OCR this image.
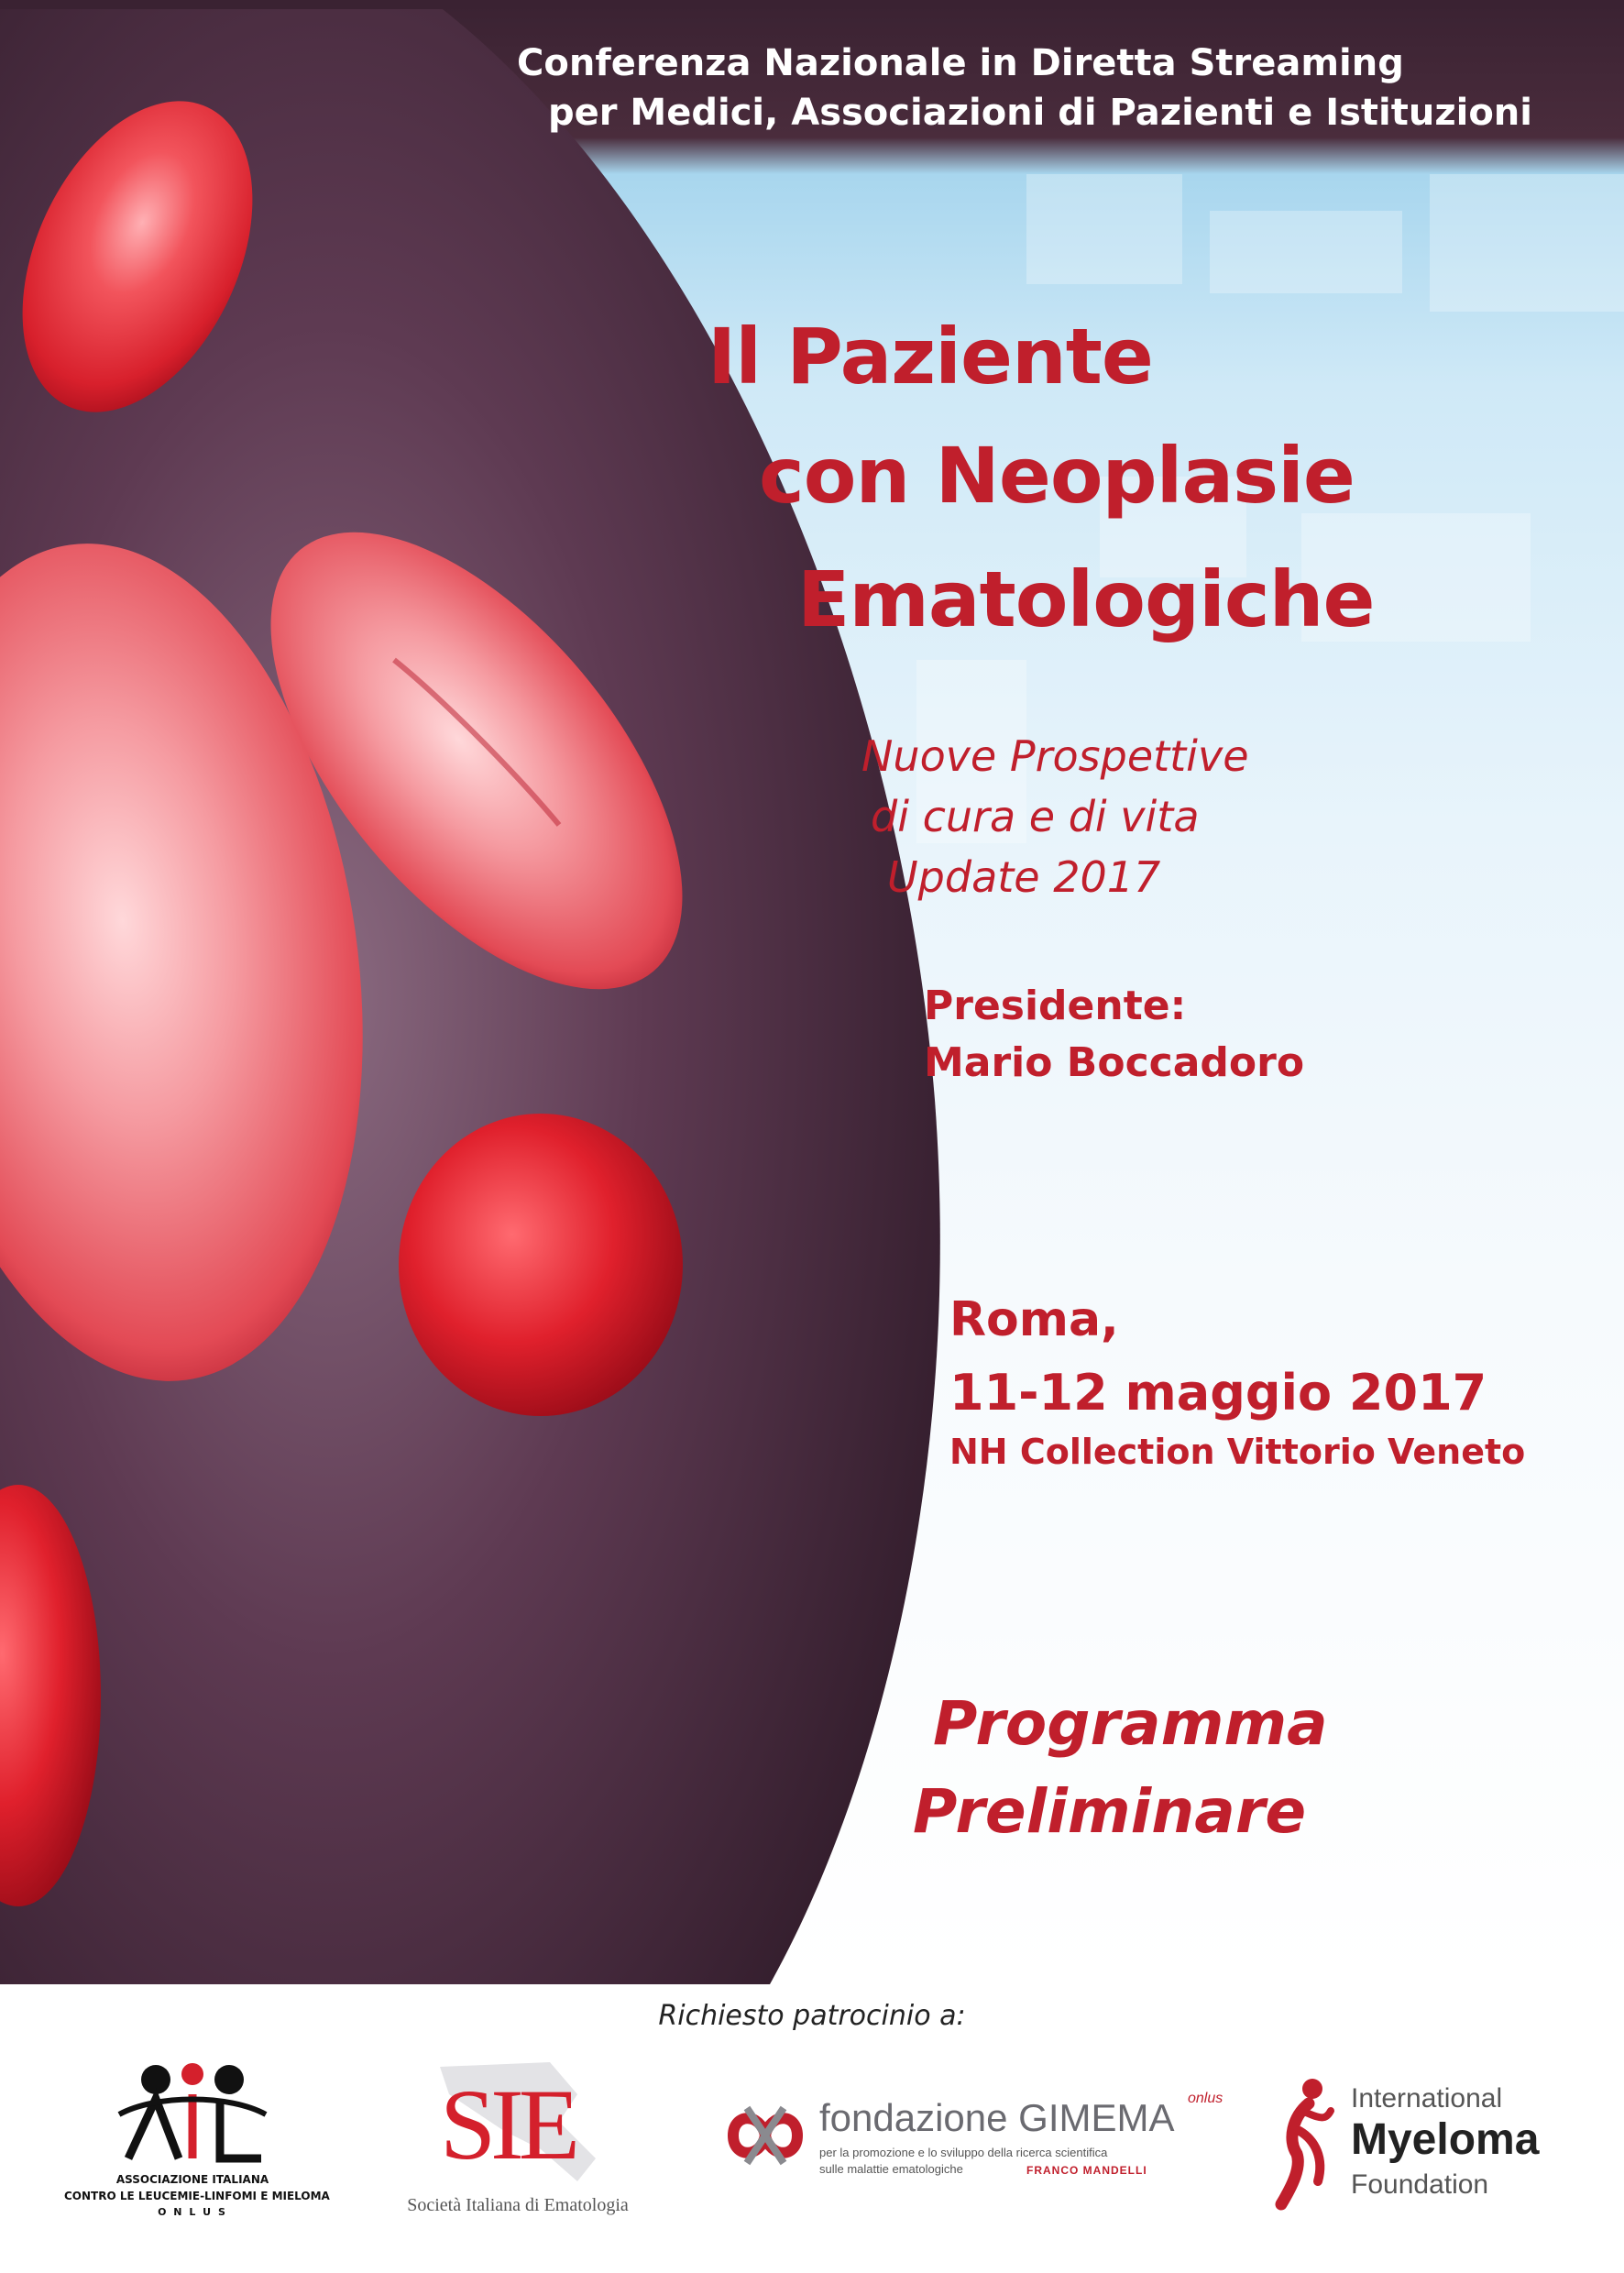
Conferenza Nazionale in Diretta Streaming
per Medici, Associazioni di Pazienti e Istituzioni
Il Paziente
con Neoplasie
Ematologiche
Nuove Prospettive
di cura e di vita
Update 2017
Presidente:
Mario Boccadoro
Roma,
11-12 maggio 2017
NH Collection Vittorio Veneto
Programma
Preliminare
Richiesto patrocinio a:
ASSOCIAZIONE ITALIANA
CONTRO LE LEUCEMIE-LINFOMI E MIELOMA
O N L U S
SIE
Società Italiana di Ematologia
fondazione GIMEMA onlus
per la promozione e lo sviluppo della ricerca scientifica
sulle malattie ematologiche	FRANCO MANDELLI
International
Myeloma
Foundation
